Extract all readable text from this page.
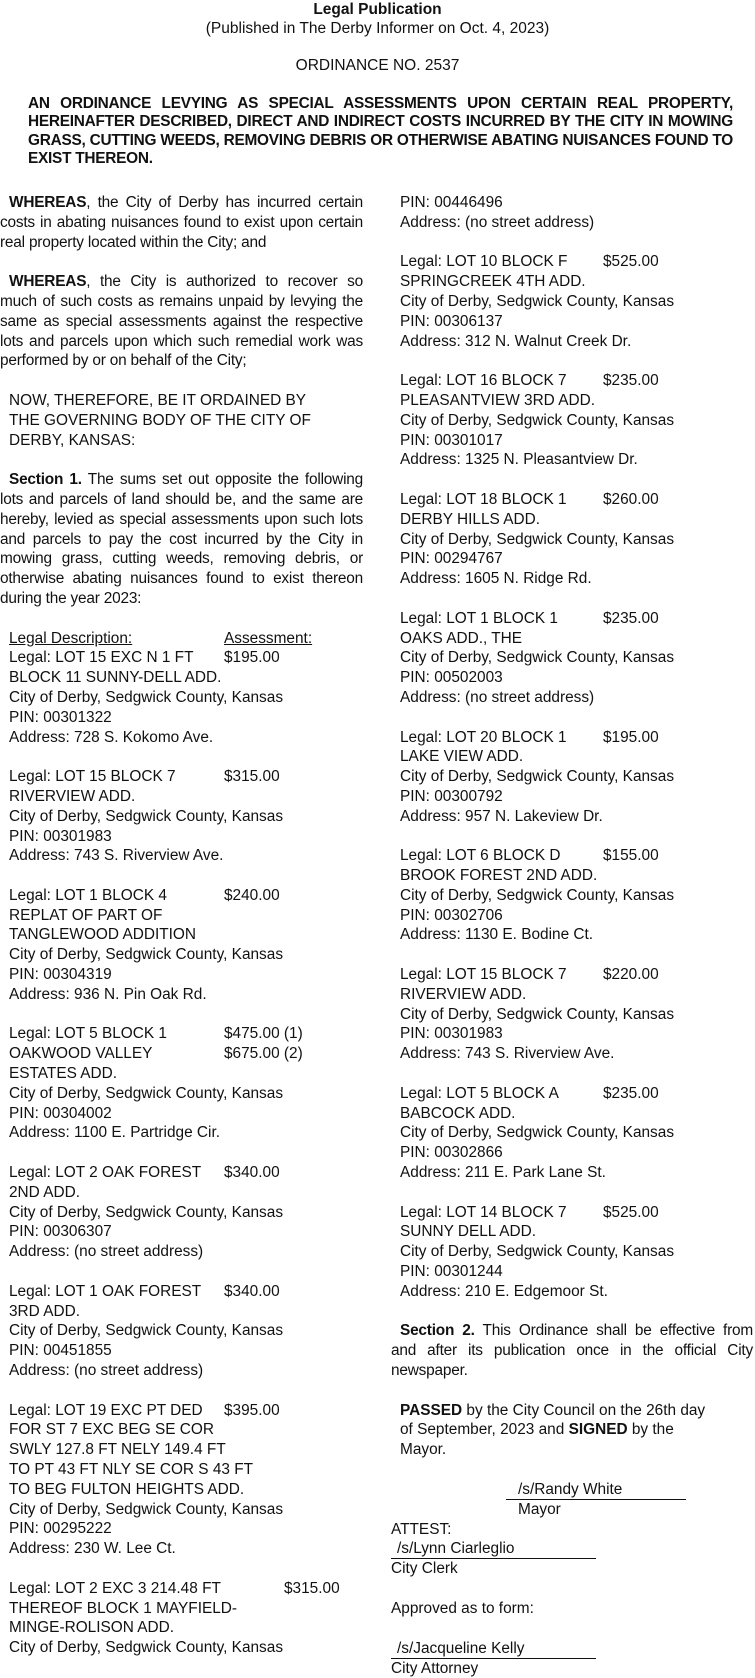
Legal Publication
(Published in The Derby Informer on Oct. 4, 2023)
ORDINANCE NO. 2537
AN ORDINANCE LEVYING AS SPECIAL ASSESSMENTS UPON CERTAIN REAL PROPERTY, HEREINAFTER DESCRIBED, DIRECT AND INDIRECT COSTS INCURRED BY THE CITY IN MOWING GRASS, CUTTING WEEDS, REMOVING DEBRIS OR OTHERWISE ABATING NUISANCES FOUND TO EXIST THEREON.

WHEREAS, the City of Derby has incurred certain costs in abating nuisances found to exist upon certain real property located within the City; and

WHEREAS, the City is authorized to recover so much of such costs as remains unpaid by levying the same as special assessments against the respective lots and parcels upon which such remedial work was performed by or on behalf of the City;

NOW, THEREFORE, BE IT ORDAINED BY
THE GOVERNING BODY OF THE CITY OF
DERBY, KANSAS:

Section 1. The sums set out opposite the following lots and parcels of land should be, and the same are hereby, levied as special assessments upon such lots and parcels to pay the cost incurred by the City in mowing grass, cutting weeds, removing debris, or otherwise abating nuisances found to exist thereon during the year 2023:

Legal Description:	Assessment:
Legal: LOT 15 EXC N 1 FT	$195.00
BLOCK 11 SUNNY-DELL ADD.
City of Derby, Sedgwick County, Kansas
PIN: 00301322
Address: 728 S. Kokomo Ave.
Legal: LOT 15 BLOCK 7	$315.00
RIVERVIEW ADD.
City of Derby, Sedgwick County, Kansas
PIN: 00301983
Address: 743 S. Riverview Ave.
Legal: LOT 1 BLOCK 4	$240.00
REPLAT OF PART OF
TANGLEWOOD ADDITION
City of Derby, Sedgwick County, Kansas
PIN: 00304319
Address: 936 N. Pin Oak Rd.
Legal: LOT 5 BLOCK 1	$475.00 (1)
OAKWOOD VALLEY	$675.00 (2)
ESTATES ADD.
City of Derby, Sedgwick County, Kansas
PIN: 00304002
Address: 1100 E. Partridge Cir.
Legal: LOT 2 OAK FOREST	$340.00
2ND ADD.
City of Derby, Sedgwick County, Kansas
PIN: 00306307
Address: (no street address)
Legal: LOT 1 OAK FOREST	$340.00
3RD ADD.
City of Derby, Sedgwick County, Kansas
PIN: 00451855
Address: (no street address)
Legal: LOT 19 EXC PT DED	$395.00
FOR ST 7 EXC BEG SE COR
SWLY 127.8 FT NELY 149.4 FT
TO PT 43 FT NLY SE COR S 43 FT
TO BEG FULTON HEIGHTS ADD.
City of Derby, Sedgwick County, Kansas
PIN: 00295222
Address: 230 W. Lee Ct.
Legal: LOT 2 EXC 3 214.48 FT	$315.00
THEREOF BLOCK 1 MAYFIELD-
MINGE-ROLISON ADD.
City of Derby, Sedgwick County, Kansas
PIN: 00446496
Address: (no street address)
Legal: LOT 10 BLOCK F	$525.00
SPRINGCREEK 4TH ADD.
City of Derby, Sedgwick County, Kansas
PIN: 00306137
Address: 312 N. Walnut Creek Dr.
Legal: LOT 16 BLOCK 7	$235.00
PLEASANTVIEW 3RD ADD.
City of Derby, Sedgwick County, Kansas
PIN: 00301017
Address: 1325 N. Pleasantview Dr.
Legal: LOT 18 BLOCK 1	$260.00
DERBY HILLS ADD.
City of Derby, Sedgwick County, Kansas
PIN: 00294767
Address: 1605 N. Ridge Rd.
Legal: LOT 1 BLOCK 1	$235.00
OAKS ADD., THE
City of Derby, Sedgwick County, Kansas
PIN: 00502003
Address: (no street address)
Legal: LOT 20 BLOCK 1	$195.00
LAKE VIEW ADD.
City of Derby, Sedgwick County, Kansas
PIN: 00300792
Address: 957 N. Lakeview Dr.
Legal: LOT 6 BLOCK D	$155.00
BROOK FOREST 2ND ADD.
City of Derby, Sedgwick County, Kansas
PIN: 00302706
Address: 1130 E. Bodine Ct.
Legal: LOT 15 BLOCK 7	$220.00
RIVERVIEW ADD.
City of Derby, Sedgwick County, Kansas
PIN: 00301983
Address: 743 S. Riverview Ave.
Legal: LOT 5 BLOCK A	$235.00
BABCOCK ADD.
City of Derby, Sedgwick County, Kansas
PIN: 00302866
Address: 211 E. Park Lane St.
Legal: LOT 14 BLOCK 7	$525.00
SUNNY DELL ADD.
City of Derby, Sedgwick County, Kansas
PIN: 00301244
Address: 210 E. Edgemoor St.

Section 2. This Ordinance shall be effective from and after its publication once in the official City newspaper.

PASSED by the City Council on the 26th day of September, 2023 and SIGNED by the Mayor.

/s/Randy White
Mayor
ATTEST:
/s/Lynn Ciarleglio
City Clerk
Approved as to form:
/s/Jacqueline Kelly
City Attorney
